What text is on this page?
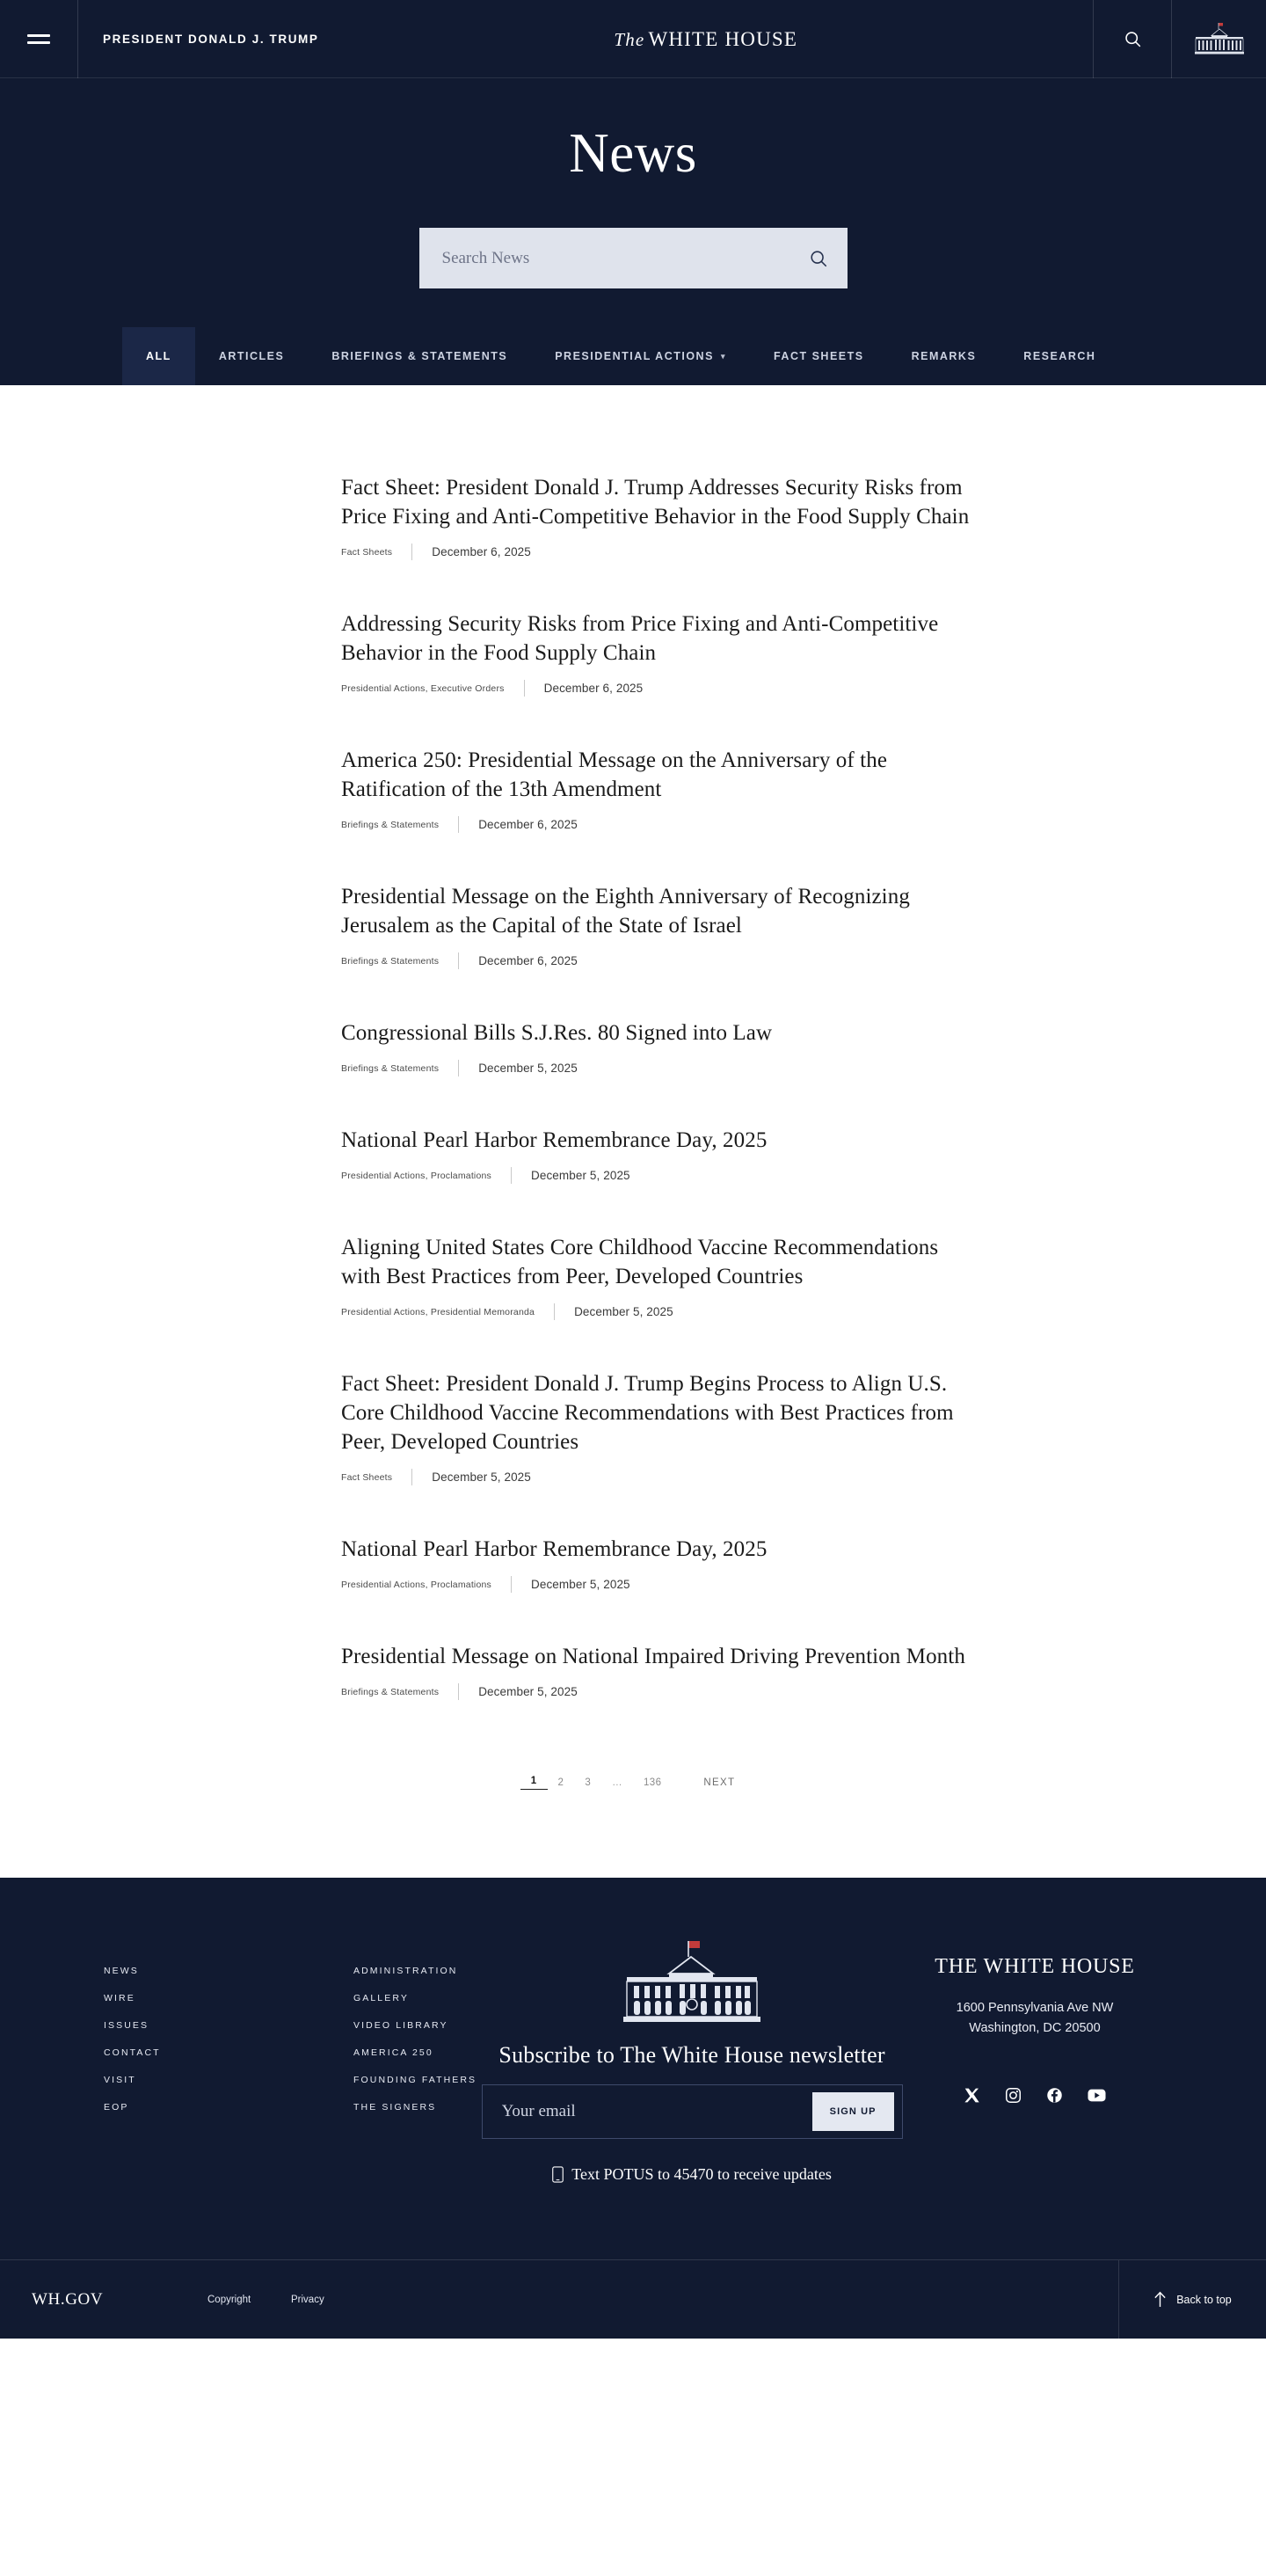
PRESIDENT DONALD J. TRUMP	The WHITE HOUSE
News
Search News
ALL	ARTICLES	BRIEFINGS & STATEMENTS	PRESIDENTIAL ACTIONS ▾	FACT SHEETS	REMARKS	RESEARCH
Fact Sheet: President Donald J. Trump Addresses Security Risks from Price Fixing and Anti-Competitive Behavior in the Food Supply Chain
Fact Sheets	December 6, 2025
Addressing Security Risks from Price Fixing and Anti-Competitive Behavior in the Food Supply Chain
Presidential Actions, Executive Orders	December 6, 2025
America 250: Presidential Message on the Anniversary of the Ratification of the 13th Amendment
Briefings & Statements	December 6, 2025
Presidential Message on the Eighth Anniversary of Recognizing Jerusalem as the Capital of the State of Israel
Briefings & Statements	December 6, 2025
Congressional Bills S.J.Res. 80 Signed into Law
Briefings & Statements	December 5, 2025
National Pearl Harbor Remembrance Day, 2025
Presidential Actions, Proclamations	December 5, 2025
Aligning United States Core Childhood Vaccine Recommendations with Best Practices from Peer, Developed Countries
Presidential Actions, Presidential Memoranda	December 5, 2025
Fact Sheet: President Donald J. Trump Begins Process to Align U.S. Core Childhood Vaccine Recommendations with Best Practices from Peer, Developed Countries
Fact Sheets	December 5, 2025
National Pearl Harbor Remembrance Day, 2025
Presidential Actions, Proclamations	December 5, 2025
Presidential Message on National Impaired Driving Prevention Month
Briefings & Statements	December 5, 2025
1	2	3	…	136	NEXT
NEWS
WIRE
ISSUES
CONTACT
VISIT
EOP
ADMINISTRATION
GALLERY
VIDEO LIBRARY
AMERICA 250
FOUNDING FATHERS
THE SIGNERS
Subscribe to The White House newsletter
Your email
SIGN UP
Text POTUS to 45470 to receive updates
THE WHITE HOUSE
1600 Pennsylvania Ave NW
Washington, DC 20500
WH.GOV	Copyright	Privacy	Back to top
